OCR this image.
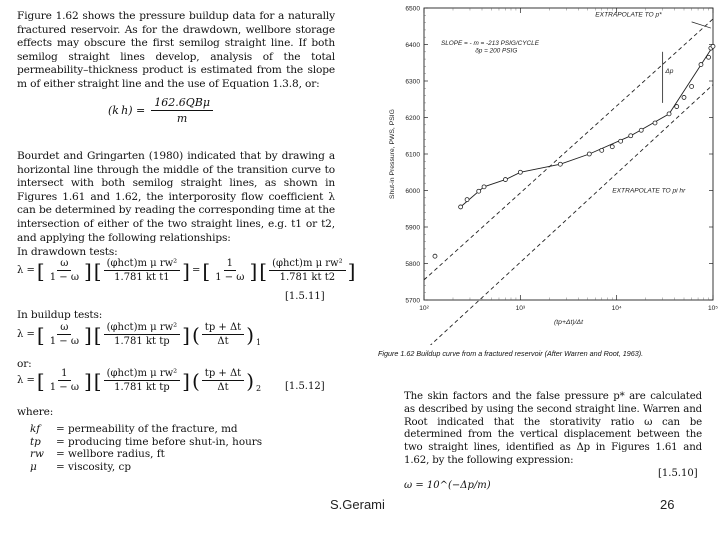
Figure 1.62 shows the pressure buildup data for a naturally fractured reservoir. As for the drawdown, wellbore storage effects may obscure the first semilog straight line. If both semilog straight lines develop, analysis of the total permeability–thickness product is estimated from the slope m of either straight line and the use of Equation 1.3.8, or:

(k $h) = \frac{\text{162.6QBμ}}{m}$

Bourdet and Gringarten (1980) indicated that by drawing a horizontal line through the middle of the transition curve to intersect with both semilog straight lines, as shown in Figures 1.61 and 1.62, the interporosity flow coefficient λ can be determined by reading the corresponding time at the intersection of either of the two straight lines, e.g. t1 or t2, and applying the following relationships:

In drawdown tests:
λ = [ $\frac{\omega}{1 - \omega}$ ] [ $\frac{\text{(φhct)m μ rw²}}{\text{1.781 kt t1}}$ ] = [ $\frac{1}{1 - \omega}$ ] [ $\frac{\text{(φhct)m μ rw²}}{\text{1.781 kt t2}}$ ]
[1.5.11]
In buildup tests:
λ = [ $\frac{\omega}{1 - \omega}$ ] [ $\frac{\text{(φhct)m μ rw²}}{\text{1.781 kt tp}}$ ] ( $\frac{tp + \Delta t}{\Delta t}$ ) 1
or:
λ = [ $\frac{1}{1 - \omega}$ ] [ $\frac{\text{(φhct)m μ rw²}}{\text{1.781 kt tp}}$ ] ( $\frac{tp + \Delta t}{\Delta t}$ ) 2 [1.5.12]
where:
kf	= permeability of the fracture, md
tp	= producing time before shut-in, hours
rw	= wellbore radius, ft
μ	= viscosity, cp
5700
5800
5900
6000
6100
6200
6300
6400
6500
10²	10³	10⁴	10⁵
(tp+Δt)/Δt
Shut-in Pressure, PWS, PSIG
EXTRAPOLATE TO p*
SLOPE = - m = -213 PSIG/CYCLE
δp = 200 PSIG
Δp
EXTRAPOLATE TO pi hr
Figure 1.62 Buildup curve from a fractured reservoir (After Warren and Root, 1963).

The skin factors and the false pressure p* are calculated as described by using the second straight line. Warren and Root indicated that the storativity ratio ω can be determined from the vertical displacement between the two straight lines, identified as Δp in Figures 1.61 and 1.62, by the following expression:

ω = 10^(−Δp/m)
[1.5.10]
S.Gerami	26
